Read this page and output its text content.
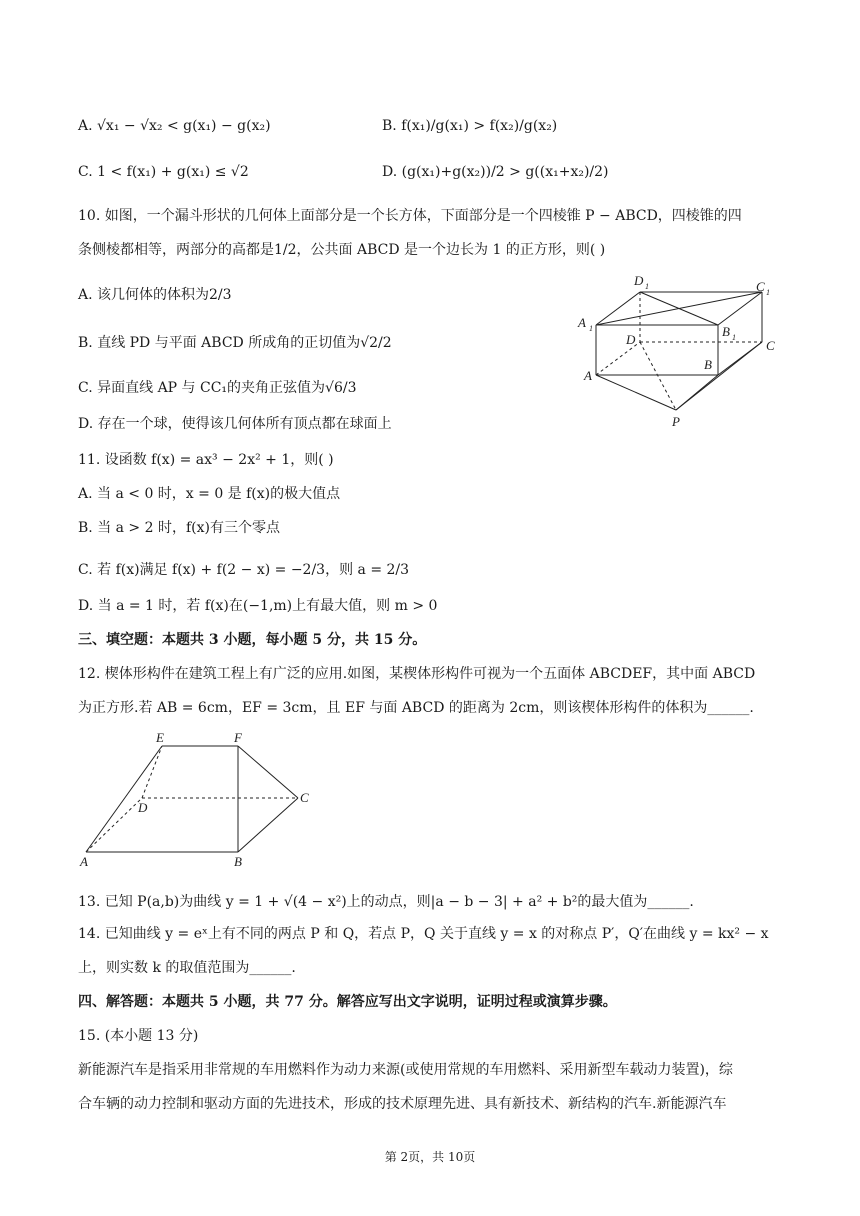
A. √x₁ − √x₂ < g(x₁) − g(x₂)	B. f(x₁)/g(x₁) > f(x₂)/g(x₂)
C. 1 < f(x₁) + g(x₁) ≤ √2	D. (g(x₁)+g(x₂))/2 > g((x₁+x₂)/2)
10. 如图，一个漏斗形状的几何体上面部分是一个长方体，下面部分是一个四棱锥 P − ABCD，四棱锥的四
条侧棱都相等，两部分的高都是1/2，公共面 ABCD 是一个边长为 1 的正方形，则( )
A. 该几何体的体积为2/3
B. 直线 PD 与平面 ABCD 所成角的正切值为√2/2
C. 异面直线 AP 与 CC₁的夹角正弦值为√6/3
D. 存在一个球，使得该几何体所有顶点都在球面上
A 1
D 1	C 1
B 1
D	C
A
B
P
11. 设函数 f(x) = ax³ − 2x² + 1，则( )
A. 当 a < 0 时，x = 0 是 f(x)的极大值点
B. 当 a > 2 时，f(x)有三个零点
C. 若 f(x)满足 f(x) + f(2 − x) = −2/3，则 a = 2/3
D. 当 a = 1 时，若 f(x)在(−1,m)上有最大值，则 m > 0
三、填空题：本题共 3 小题，每小题 5 分，共 15 分。
12. 楔体形构件在建筑工程上有广泛的应用.如图，某楔体形构件可视为一个五面体 ABCDEF，其中面 ABCD
为正方形.若 AB = 6cm，EF = 3cm，且 EF 与面 ABCD 的距离为 2cm，则该楔体形构件的体积为______.
E	F
D
C
A	B
13. 已知 P(a,b)为曲线 y = 1 + √(4 − x²)上的动点，则|a − b − 3| + a² + b²的最大值为______.
14. 已知曲线 y = eˣ上有不同的两点 P 和 Q，若点 P，Q 关于直线 y = x 的对称点 P′，Q′在曲线 y = kx² − x
上，则实数 k 的取值范围为______.
四、解答题：本题共 5 小题，共 77 分。解答应写出文字说明，证明过程或演算步骤。
15. (本小题 13 分)
新能源汽车是指采用非常规的车用燃料作为动力来源(或使用常规的车用燃料、采用新型车载动力装置)，综
合车辆的动力控制和驱动方面的先进技术，形成的技术原理先进、具有新技术、新结构的汽车.新能源汽车
第 2页，共 10页
